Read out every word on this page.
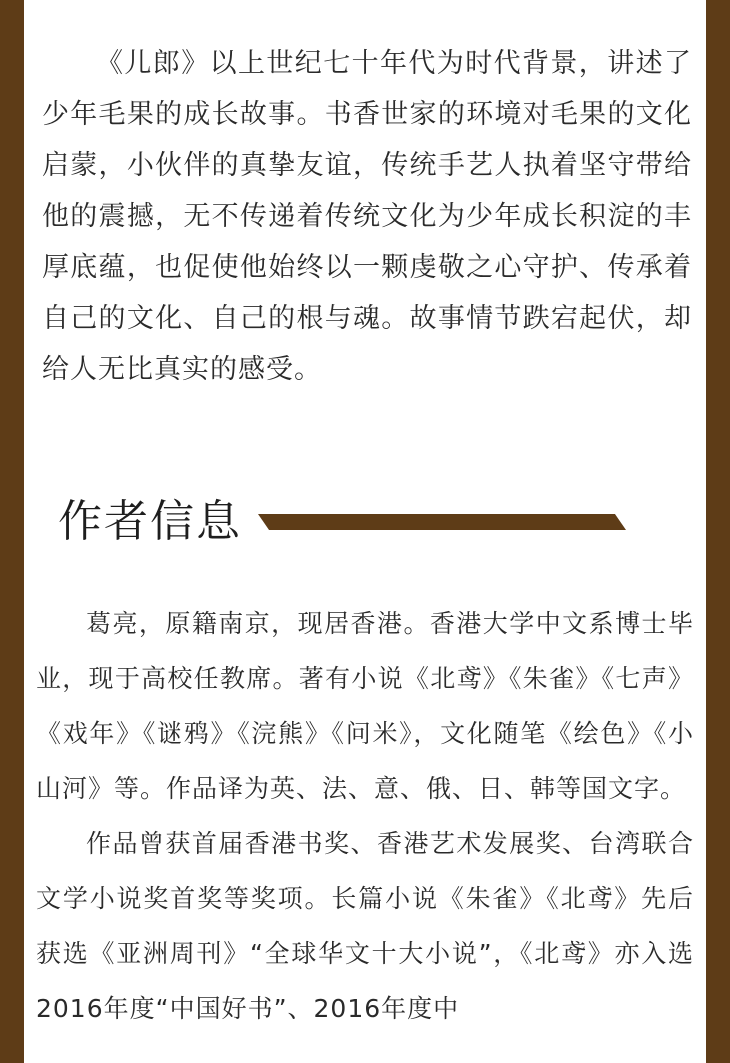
《儿郎》以上世纪七十年代为时代背景，讲述了少年毛果的成长故事。书香世家的环境对毛果的文化启蒙，小伙伴的真挚友谊，传统手艺人执着坚守带给他的震撼，无不传递着传统文化为少年成长积淀的丰厚底蕴，也促使他始终以一颗虔敬之心守护、传承着自己的文化、自己的根与魂。故事情节跌宕起伏，却给人无比真实的感受。

作者信息

葛亮，原籍南京，现居香港。香港大学中文系博士毕业，现于高校任教席。著有小说《北鸢》《朱雀》《七声》《戏年》《谜鸦》《浣熊》《问米》，文化随笔《绘色》《小山河》等。作品译为英、法、意、俄、日、韩等国文字。

作品曾获首届香港书奖、香港艺术发展奖、台湾联合文学小说奖首奖等奖项。长篇小说《朱雀》《北鸢》先后获选《亚洲周刊》“全球华文十大小说”，《北鸢》亦入选2016年度“中国好书”、2016年度中
